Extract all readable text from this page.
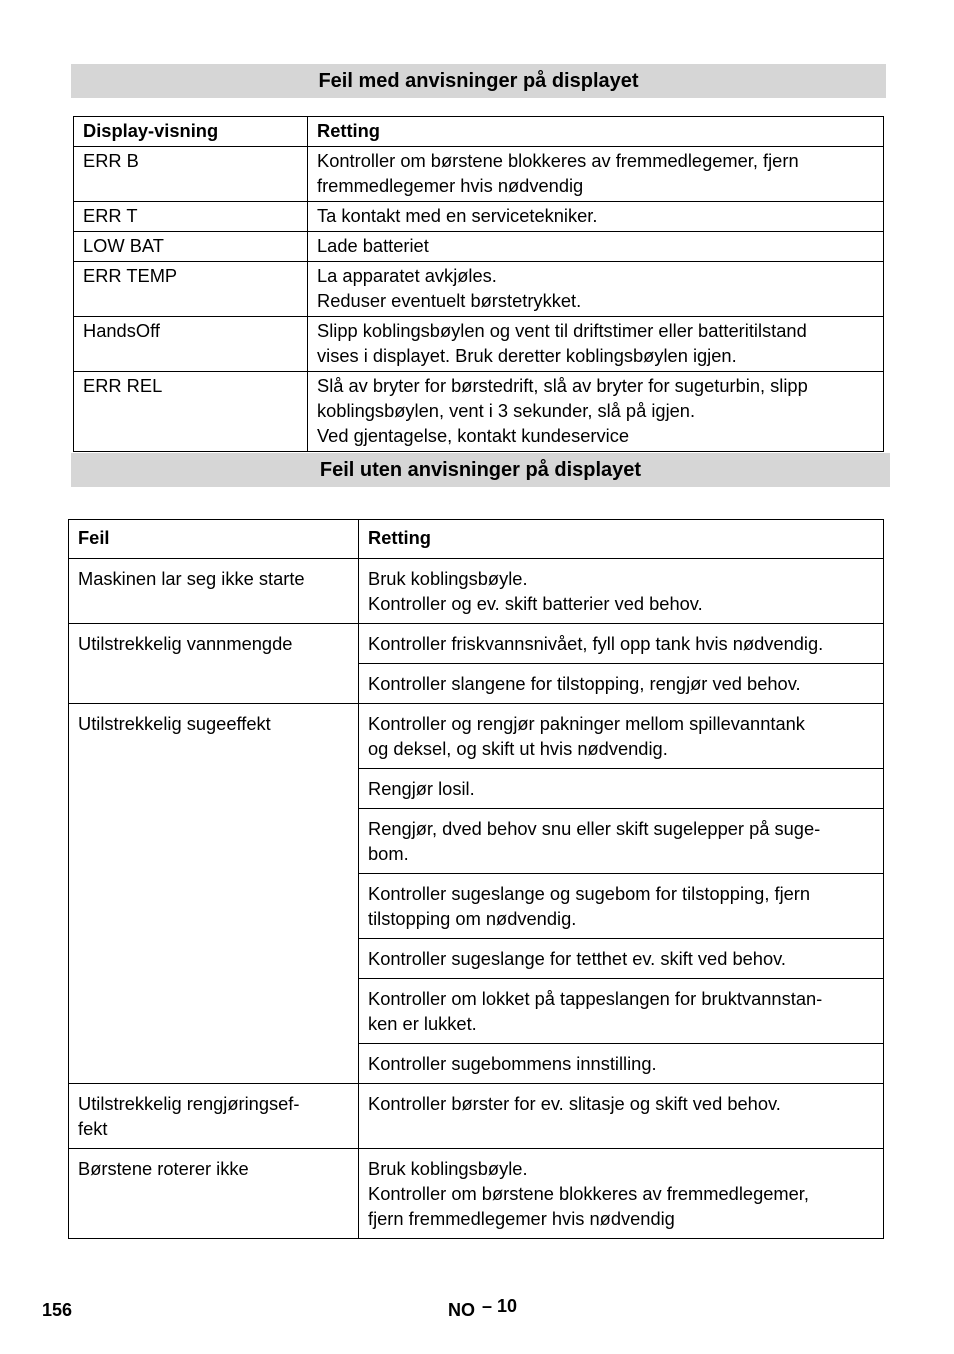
Feil med anvisninger på displayet
Display-visning	Retting
ERR B	Kontroller om børstene blokkeres av fremmedlegemer, fjern
fremmedlegemer hvis nødvendig

ERR T	Ta kontakt med en servicetekniker.

LOW BAT	Lade batteriet

ERR TEMP	La apparatet avkjøles.
Reduser eventuelt børstetrykket.

HandsOff	Slipp koblingsbøylen og vent til driftstimer eller batteritilstand
vises i displayet. Bruk deretter koblingsbøylen igjen.

ERR REL	Slå av bryter for børstedrift, slå av bryter for sugeturbin, slipp
koblingsbøylen, vent i 3 sekunder, slå på igjen.
Ved gjentagelse, kontakt kundeservice
Feil uten anvisninger på displayet
Feil	Retting

Maskinen lar seg ikke starte	Bruk koblingsbøyle.
Kontroller og ev. skift batterier ved behov.

Utilstrekkelig vannmengde	Kontroller friskvannsnivået, fyll opp tank hvis nødvendig.

	Kontroller slangene for tilstopping, rengjør ved behov.

Utilstrekkelig sugeeffekt	Kontroller og rengjør pakninger mellom spillevanntank
og deksel, og skift ut hvis nødvendig.

	Rengjør losil.

	Rengjør, dved behov snu eller skift sugelepper på suge-
bom.

	Kontroller sugeslange og sugebom for tilstopping, fjern
tilstopping om nødvendig.

	Kontroller sugeslange for tetthet ev. skift ved behov.

	Kontroller om lokket på tappeslangen for bruktvannstan-
ken er lukket.

	Kontroller sugebommens innstilling.

Utilstrekkelig rengjøringsef-
fekt	Kontroller børster for ev. slitasje og skift ved behov.

Børstene roterer ikke	Bruk koblingsbøyle.
Kontroller om børstene blokkeres av fremmedlegemer,
fjern fremmedlegemer hvis nødvendig
156	NO – 10
